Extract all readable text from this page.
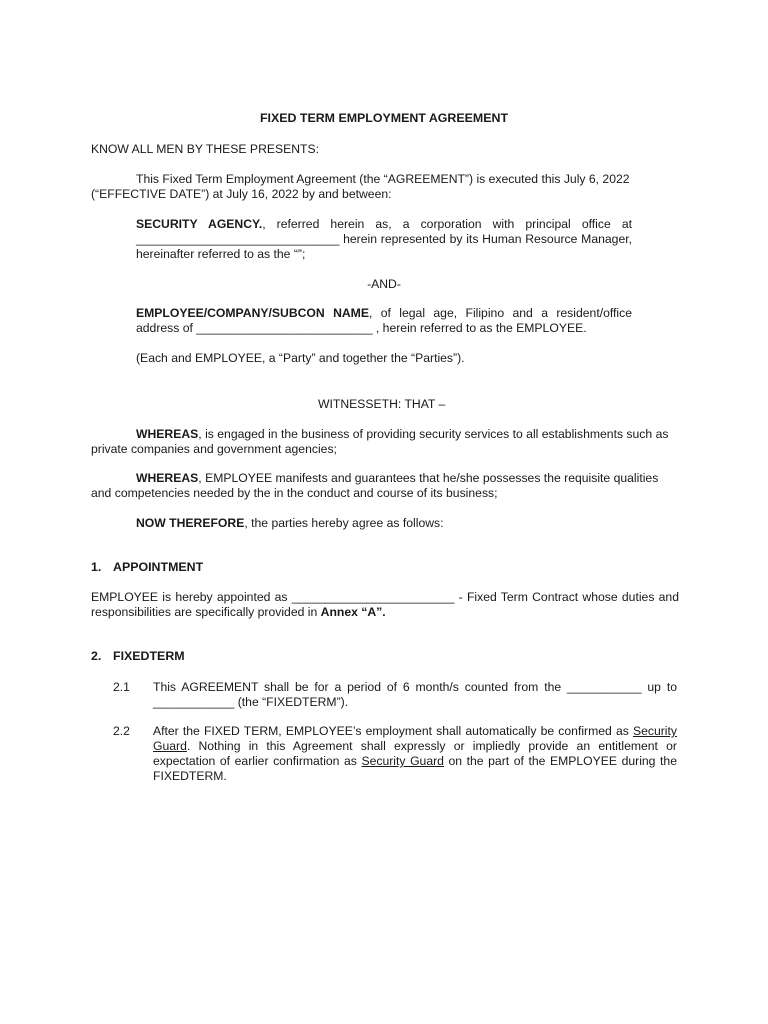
FIXED TERM EMPLOYMENT AGREEMENT
KNOW ALL MEN BY THESE PRESENTS:

This Fixed Term Employment Agreement (the “AGREEMENT”) is executed this July 6, 2022 (“EFFECTIVE DATE”) at July 16, 2022 by and between:

SECURITY AGENCY., referred herein as, a corporation with principal office at ______________________________ herein represented by its Human Resource Manager, hereinafter referred to as the “”;

-AND-

EMPLOYEE/COMPANY/SUBCON NAME, of legal age, Filipino and a resident/office address of __________________________ , herein referred to as the EMPLOYEE.

(Each and EMPLOYEE, a “Party” and together the “Parties”).
WITNESSETH: THAT –

WHEREAS, is engaged in the business of providing security services to all establishments such as private companies and government agencies;

WHEREAS, EMPLOYEE manifests and guarantees that he/she possesses the requisite qualities and competencies needed by the in the conduct and course of its business;

NOW THEREFORE, the parties hereby agree as follows:

1. APPOINTMENT

EMPLOYEE is hereby appointed as ________________________ - Fixed Term Contract whose duties and responsibilities are specifically provided in Annex “A”.

2. FIXEDTERM
2.1 This AGREEMENT shall be for a period of 6 month/s counted from the ___________ up to ____________ (the “FIXEDTERM”).

2.2 After the FIXED TERM, EMPLOYEE’s employment shall automatically be confirmed as Security Guard. Nothing in this Agreement shall expressly or impliedly provide an entitlement or expectation of earlier confirmation as Security Guard on the part of the EMPLOYEE during the FIXEDTERM.
